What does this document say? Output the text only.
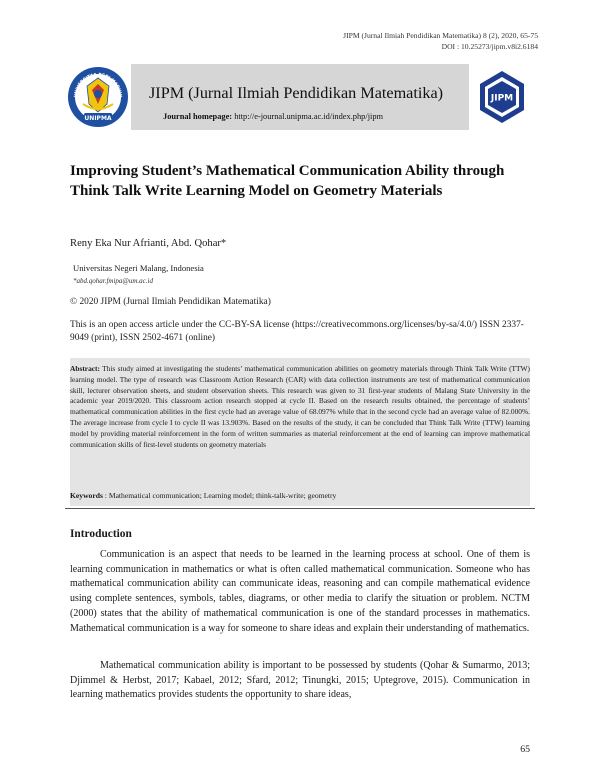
JIPM (Jurnal Ilmiah Pendidikan Matematika) 8 (2), 2020, 65-75
DOI : 10.25273/jipm.v8i2.6184
UNIVERSITAS PGRI MADIUN
UNIPMA
JIPM (Jurnal Ilmiah Pendidikan Matematika)
Journal homepage: http://e-journal.unipma.ac.id/index.php/jipm
JIPM
Improving Student’s Mathematical Communication Ability through Think Talk Write Learning Model on Geometry Materials
Reny Eka Nur Afrianti, Abd. Qohar*
Universitas Negeri Malang, Indonesia
*abd.qohar.fmipa@um.ac.id
© 2020 JIPM (Jurnal Ilmiah Pendidikan Matematika)
This is an open access article under the CC-BY-SA license (https://creativecommons.org/licenses/by-sa/4.0/) ISSN 2337-9049 (print), ISSN 2502-4671 (online)

Abstract: This study aimed at investigating the students’ mathematical communication abilities on geometry materials through Think Talk Write (TTW) learning model. The type of research was Classroom Action Research (CAR) with data collection instruments are test of mathematical communication skill, lecturer observation sheets, and student observation sheets. This research was given to 31 first-year students of Malang State University in the academic year 2019/2020. This classroom action research stopped at cycle II. Based on the research results obtained, the percentage of students’ mathematical communication abilities in the first cycle had an average value of 68.097% while that in the second cycle had an average value of 82.000%. The average increase from cycle I to cycle II was 13.903%. Based on the results of the study, it can be concluded that Think Talk Write (TTW) learning model by providing material reinforcement in the form of written summaries as material reinforcement at the end of learning can improve mathematical communication skills of first-level students on geometry materials

Keywords : Mathematical communication; Learning model; think-talk-write; geometry
Introduction

Communication is an aspect that needs to be learned in the learning process at school. One of them is learning communication in mathematics or what is often called mathematical communication. Someone who has mathematical communication ability can communicate ideas, reasoning and can compile mathematical evidence using complete sentences, symbols, tables, diagrams, or other media to clarify the situation or problem. NCTM (2000) states that the ability of mathematical communication is one of the standard processes in mathematics. Mathematical communication is a way for someone to share ideas and explain their understanding of mathematics.

Mathematical communication ability is important to be possessed by students (Qohar & Sumarmo, 2013; Djimmel & Herbst, 2017; Kabael, 2012; Sfard, 2012; Tinungki, 2015; Uptegrove, 2015). Communication in learning mathematics provides students the opportunity to share ideas,

65
